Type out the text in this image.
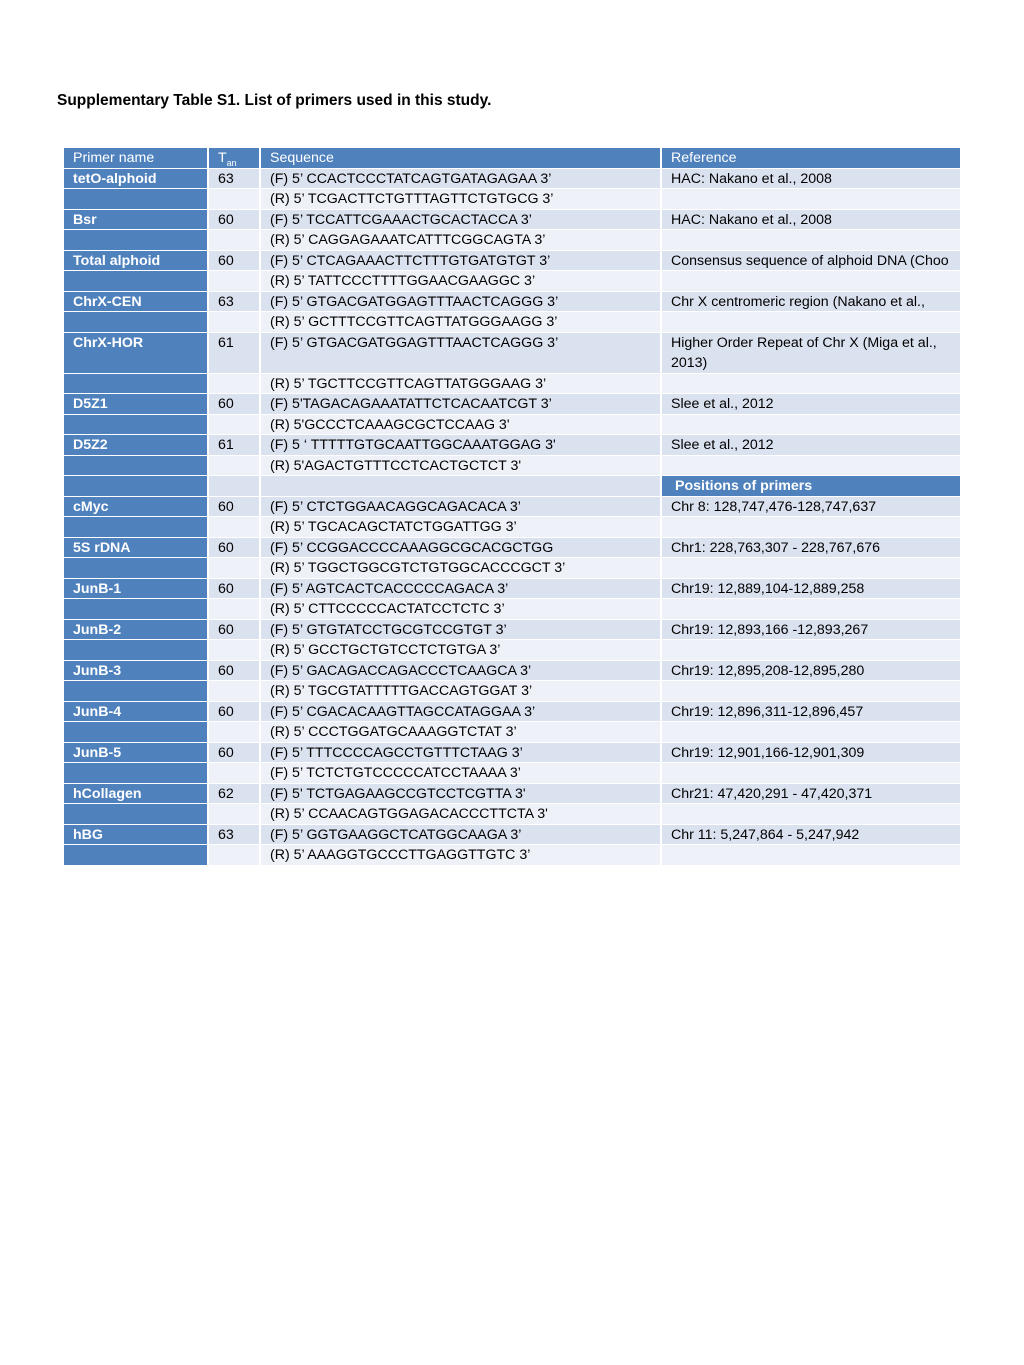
Supplementary Table S1. List of primers used in this study.
Primer name	$T_{an}$	Sequence	Reference
tetO-alphoid	63	(F) 5’ CCACTCCCTATCAGTGATAGAGAA 3’	HAC: Nakano et al., 2008
(R) 5’ TCGACTTCTGTTTAGTTCTGTGCG 3’
Bsr	60	(F) 5’ TCCATTCGAAACTGCACTACCA 3’	HAC: Nakano et al., 2008
(R) 5’ CAGGAGAAATCATTTCGGCAGTA 3’
Total alphoid	60	(F) 5’ CTCAGAAACTTCTTTGTGATGTGT 3’	Consensus sequence of alphoid DNA (Choo
(R) 5’ TATTCCCTTTTGGAACGAAGGC 3’
ChrX-CEN	63	(F) 5’ GTGACGATGGAGTTTAACTCAGGG 3’	Chr X centromeric region (Nakano et al.,
(R) 5’ GCTTTCCGTTCAGTTATGGGAAGG 3’
ChrX-HOR	61	(F) 5’ GTGACGATGGAGTTTAACTCAGGG 3’	Higher Order Repeat of Chr X (Miga et al., 2013)
(R) 5’ TGCTTCCGTTCAGTTATGGGAAG 3’
D5Z1	60	(F) 5'TAGACAGAAATATTCTCACAATCGT 3’	Slee et al., 2012
(R) 5'GCCCTCAAAGCGCTCCAAG 3'
D5Z2	61	(F) 5 ‘ TTTTTGTGCAATTGGCAAATGGAG 3'	Slee et al., 2012
(R) 5'AGACTGTTTCCTCACTGCTCT 3'
Positions of primers
cMyc	60	(F) 5’ CTCTGGAACAGGCAGACACA 3’	Chr 8: 128,747,476-128,747,637
(R) 5’ TGCACAGCTATCTGGATTGG 3’
5S rDNA	60	(F) 5’ CCGGACCCCAAAGGCGCACGCTGG	Chr1: 228,763,307 - 228,767,676
(R) 5’ TGGCTGGCGTCTGTGGCACCCGCT 3’
JunB-1	60	(F) 5’ AGTCACTCACCCCCAGACA 3’	Chr19: 12,889,104-12,889,258
(R) 5’ CTTCCCCCACTATCCTCTC 3’
JunB-2	60	(F) 5’ GTGTATCCTGCGTCCGTGT 3’	Chr19: 12,893,166 -12,893,267
(R) 5’ GCCTGCTGTCCTCTGTGA 3’
JunB-3	60	(F) 5’ GACAGACCAGACCCTCAAGCA 3’	Chr19: 12,895,208-12,895,280
(R) 5’ TGCGTATTTTTGACCAGTGGAT 3’
JunB-4	60	(F) 5’ CGACACAAGTTAGCCATAGGAA 3’	Chr19: 12,896,311-12,896,457
(R) 5’ CCCTGGATGCAAAGGTCTAT 3’
JunB-5	60	(F) 5’ TTTCCCCAGCCTGTTTCTAAG 3’	Chr19: 12,901,166-12,901,309
(F) 5’ TCTCTGTCCCCCATCCTAAAA 3’
hCollagen	62	(F) 5' TCTGAGAAGCCGTCCTCGTTA 3'	Chr21: 47,420,291 - 47,420,371
(R) 5’ CCAACAGTGGAGACACCCTTCTA 3'
hBG	63	(F) 5’ GGTGAAGGCTCATGGCAAGA 3’	Chr 11: 5,247,864 - 5,247,942
(R) 5’ AAAGGTGCCCTTGAGGTTGTC 3’
